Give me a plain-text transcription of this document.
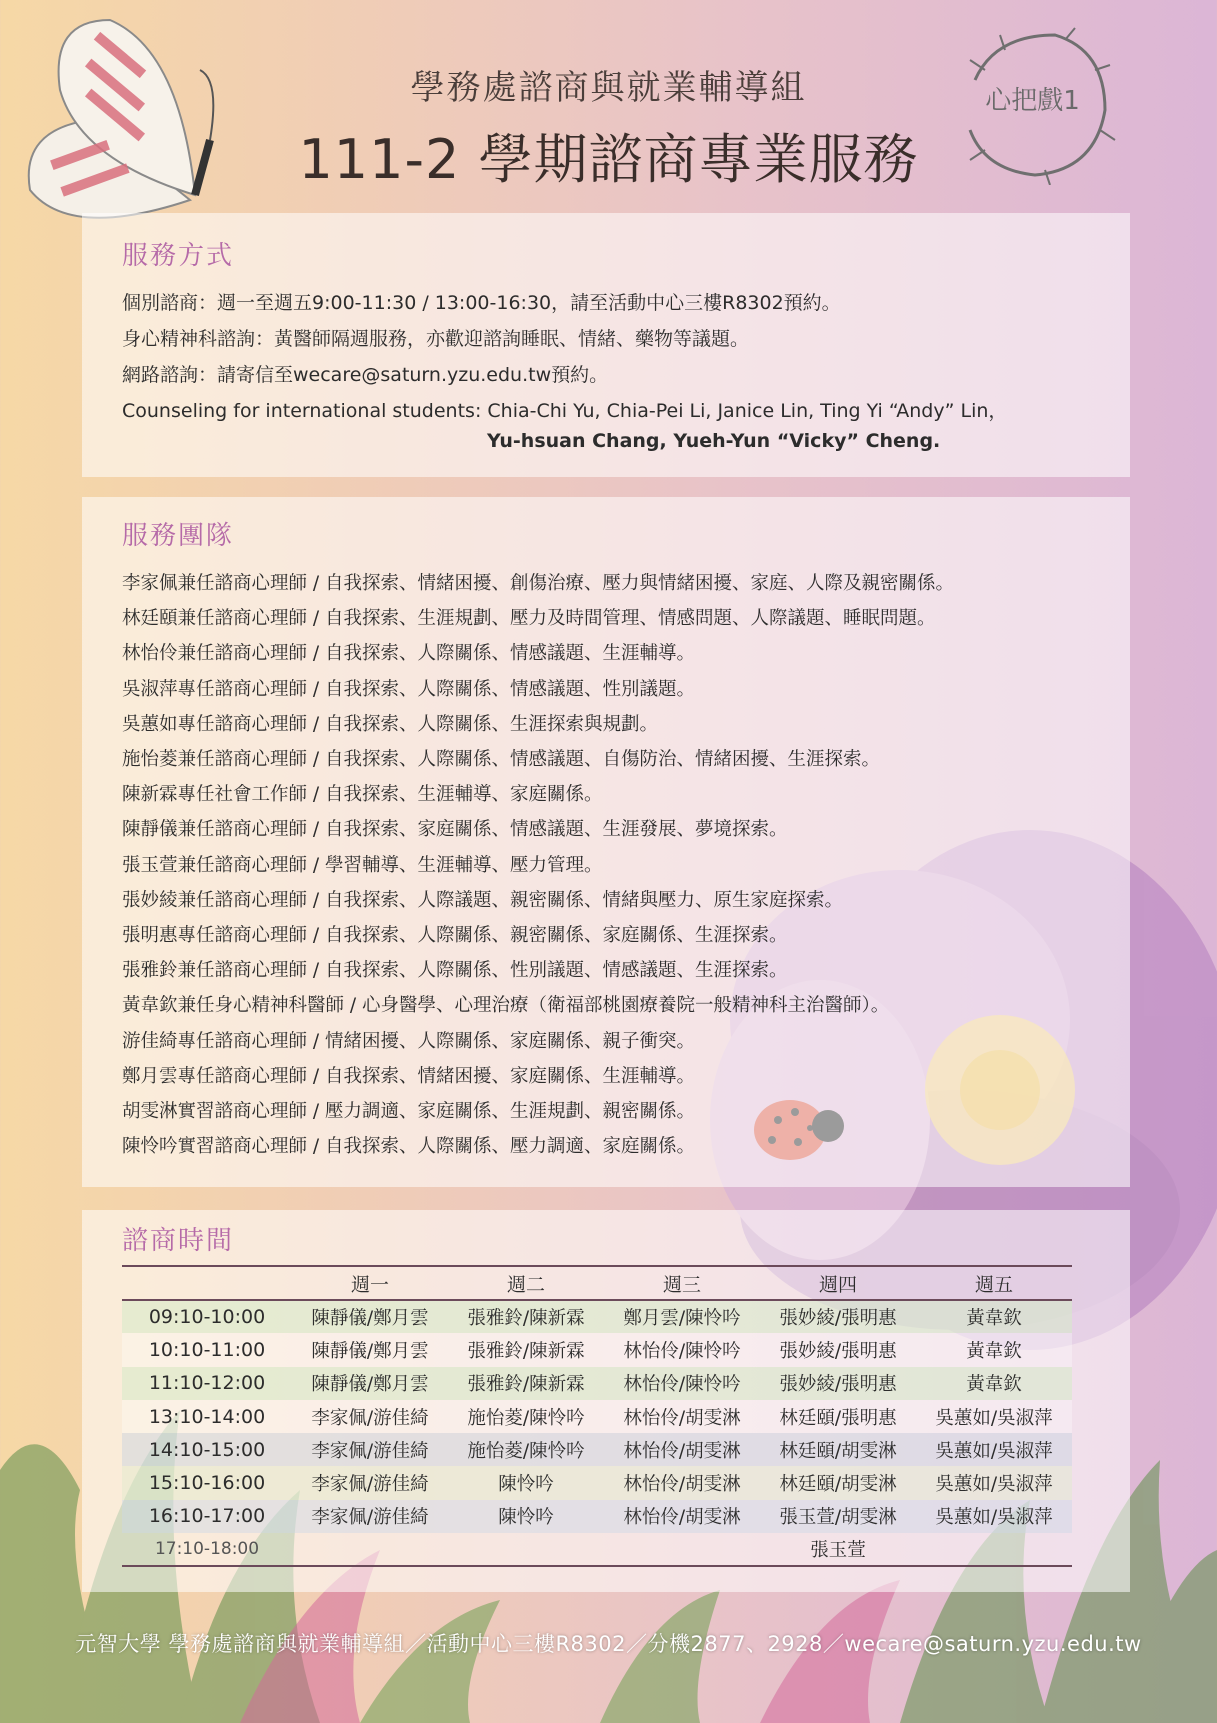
心把戲1
學務處諮商與就業輔導組
111-2 學期諮商專業服務
服務方式
個別諮商：週一至週五9:00-11:30 / 13:00-16:30，請至活動中心三樓R8302預約。
身心精神科諮詢：黃醫師隔週服務，亦歡迎諮詢睡眠、情緒、藥物等議題。
網路諮詢：請寄信至wecare@saturn.yzu.edu.tw預約。
Counseling for international students: Chia-Chi Yu, Chia-Pei Li, Janice Lin, Ting Yi “Andy” Lin，
Yu-hsuan Chang, Yueh-Yun “Vicky” Cheng.
服務團隊
李家佩兼任諮商心理師 / 自我探索、情緒困擾、創傷治療、壓力與情緒困擾、家庭、人際及親密關係。
林廷頤兼任諮商心理師 / 自我探索、生涯規劃、壓力及時間管理、情感問題、人際議題、睡眠問題。
林怡伶兼任諮商心理師 / 自我探索、人際關係、情感議題、生涯輔導。
吳淑萍專任諮商心理師 / 自我探索、人際關係、情感議題、性別議題。
吳蕙如專任諮商心理師 / 自我探索、人際關係、生涯探索與規劃。
施怡菱兼任諮商心理師 / 自我探索、人際關係、情感議題、自傷防治、情緒困擾、生涯探索。
陳新霖專任社會工作師 / 自我探索、生涯輔導、家庭關係。
陳靜儀兼任諮商心理師 / 自我探索、家庭關係、情感議題、生涯發展、夢境探索。
張玉萱兼任諮商心理師 / 學習輔導、生涯輔導、壓力管理。
張妙綾兼任諮商心理師 / 自我探索、人際議題、親密關係、情緒與壓力、原生家庭探索。
張明惠專任諮商心理師 / 自我探索、人際關係、親密關係、家庭關係、生涯探索。
張雅鈴兼任諮商心理師 / 自我探索、人際關係、性別議題、情感議題、生涯探索。
黃韋欽兼任身心精神科醫師 / 心身醫學、心理治療（衛福部桃園療養院一般精神科主治醫師）。
游佳綺專任諮商心理師 / 情緒困擾、人際關係、家庭關係、親子衝突。
鄭月雲專任諮商心理師 / 自我探索、情緒困擾、家庭關係、生涯輔導。
胡雯淋實習諮商心理師 / 壓力調適、家庭關係、生涯規劃、親密關係。
陳怜吟實習諮商心理師 / 自我探索、人際關係、壓力調適、家庭關係。
諮商時間
	週一	週二	週三	週四	週五
09:10-10:00	陳靜儀/鄭月雲	張雅鈴/陳新霖	鄭月雲/陳怜吟	張妙綾/張明惠	黃韋欽
10:10-11:00	陳靜儀/鄭月雲	張雅鈴/陳新霖	林怡伶/陳怜吟	張妙綾/張明惠	黃韋欽
11:10-12:00	陳靜儀/鄭月雲	張雅鈴/陳新霖	林怡伶/陳怜吟	張妙綾/張明惠	黃韋欽
13:10-14:00	李家佩/游佳綺	施怡菱/陳怜吟	林怡伶/胡雯淋	林廷頤/張明惠	吳蕙如/吳淑萍
14:10-15:00	李家佩/游佳綺	施怡菱/陳怜吟	林怡伶/胡雯淋	林廷頤/胡雯淋	吳蕙如/吳淑萍
15:10-16:00	李家佩/游佳綺	陳怜吟	林怡伶/胡雯淋	林廷頤/胡雯淋	吳蕙如/吳淑萍
16:10-17:00	李家佩/游佳綺	陳怜吟	林怡伶/胡雯淋	張玉萱/胡雯淋	吳蕙如/吳淑萍
17:10-18:00				張玉萱	
元智大學 學務處諮商與就業輔導組／活動中心三樓R8302／分機2877、2928／wecare@saturn.yzu.edu.tw
